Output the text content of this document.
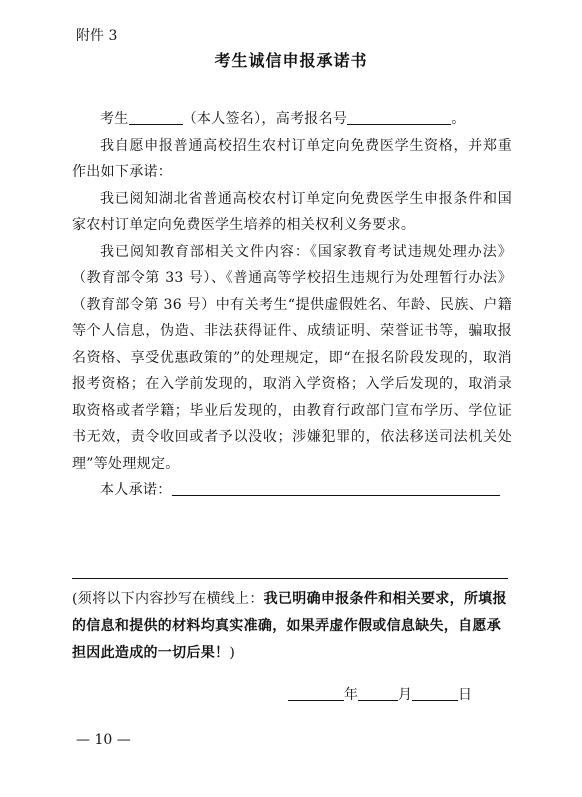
附件 3
考生诚信申报承诺书

考生	（本人签名），高考报名号	。

我自愿申报普通高校招生农村订单定向免费医学生资格，并郑重作出如下承诺：

我已阅知湖北省普通高校农村订单定向免费医学生申报条件和国家农村订单定向免费医学生培养的相关权利义务要求。

我已阅知教育部相关文件内容：《国家教育考试违规处理办法》（教育部令第 33 号）、《普通高等学校招生违规行为处理暂行办法》（教育部令第 36 号）中有关考生“提供虚假姓名、年龄、民族、户籍等个人信息，伪造、非法获得证件、成绩证明、荣誉证书等，骗取报名资格、享受优惠政策的”的处理规定，即“在报名阶段发现的，取消报考资格；在入学前发现的，取消入学资格；入学后发现的，取消录取资格或者学籍；毕业后发现的，由教育行政部门宣布学历、学位证书无效，责令收回或者予以没收；涉嫌犯罪的，依法移送司法机关处理”等处理规定。

本人承诺：

(须将以下内容抄写在横线上：我已明确申报条件和相关要求，所填报的信息和提供的材料均真实准确，如果弄虚作假或信息缺失，自愿承担因此造成的一切后果！)
年	月	日
— 10 —
